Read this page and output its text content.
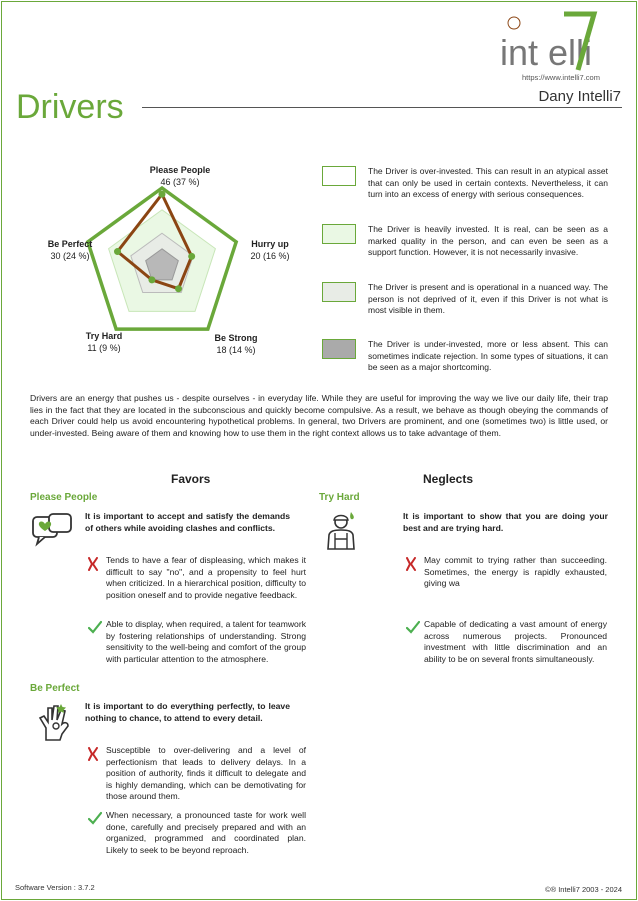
int e lli
https://www.intelli7.com
Drivers	Dany Intelli7
Please People
46 (37 %)
Hurry up
20 (16 %)
Be Strong
18 (14 %)
Try Hard
11 (9 %)
Be Perfect
30 (24 %)
The Driver is over-invested. This can result in an atypical asset that can only be used in certain contexts. Nevertheless, it can turn into an excess of energy with serious consequences.
The Driver is heavily invested. It is real, can be seen as a marked quality in the person, and can even be seen as a support function. However, it is not necessarily invasive.
The Driver is present and is operational in a nuanced way. The person is not deprived of it, even if this Driver is not what is most visible in them.
The Driver is under-invested, more or less absent. This can sometimes indicate rejection. In some types of situations, it can be seen as a major shortcoming.
Drivers are an energy that pushes us - despite ourselves - in everyday life. While they are useful for improving the way we live our daily life, their trap lies in the fact that they are located in the subconscious and quickly become compulsive. As a result, we behave as though obeying the commands of each Driver could help us avoid encountering hypothetical problems. In general, two Drivers are prominent, and one (sometimes two) is little used, or under-invested. Being aware of them and knowing how to use them in the right context allows us to take advantage of them.
Favors	Neglects
Please People
It is important to accept and satisfy the demands of others while avoiding clashes and conflicts.
Tends to have a fear of displeasing, which makes it difficult to say "no", and a propensity to feel hurt when criticized. In a hierarchical position, difficulty to position oneself and to provide negative feedback.
Able to display, when required, a talent for teamwork by fostering relationships of understanding. Strong sensitivity to the well-being and comfort of the group with particular attention to the atmosphere.
Be Perfect
It is important to do everything perfectly, to leave nothing to chance, to attend to every detail.
Susceptible to over-delivering and a level of perfectionism that leads to delivery delays. In a position of authority, finds it difficult to delegate and is highly demanding, which can be demotivating for those around them.
When necessary, a pronounced taste for work well done, carefully and precisely prepared and with an organized, programmed and coordinated plan. Likely to seek to be beyond reproach.
Try Hard
It is important to show that you are doing your best and are trying hard.
May commit to trying rather than succeeding. Sometimes, the energy is rapidly exhausted, giving wa
Capable of dedicating a vast amount of energy across numerous projects. Pronounced investment with little discrimination and an ability to be on several fronts simultaneously.
Software Version : 3.7.2	©® Intelli7 2003 - 2024
